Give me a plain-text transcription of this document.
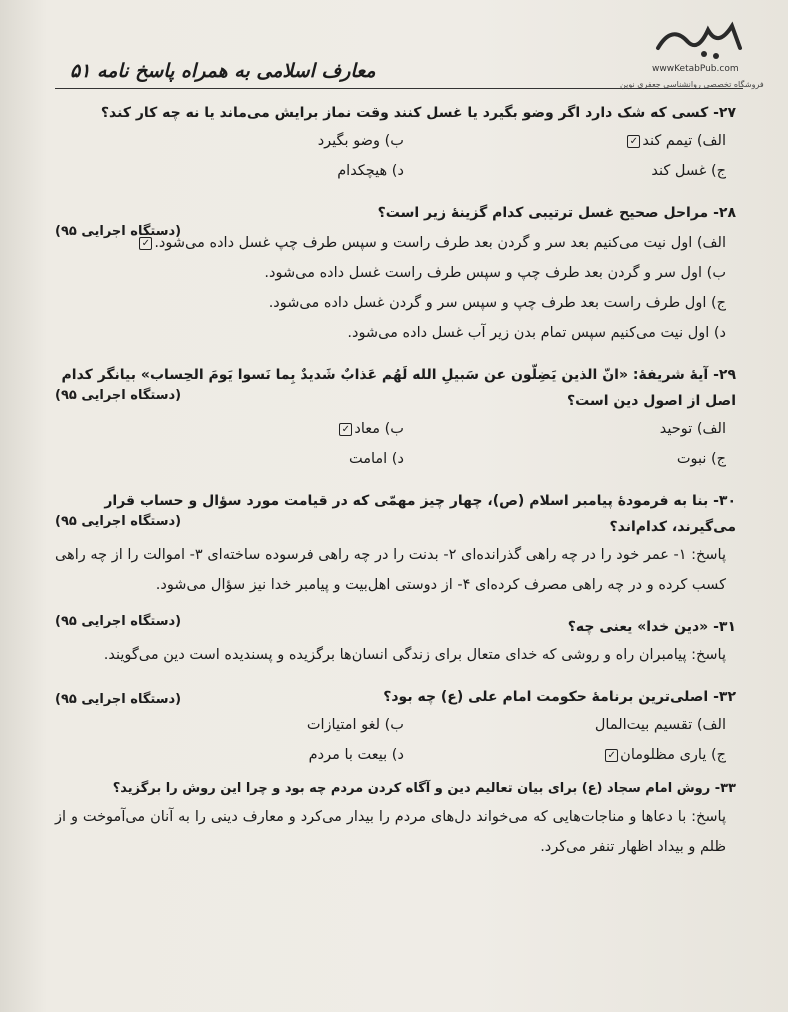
wwwKetabPub.com
فروشگاه تخصصی روانشناسی جعفری نوین
معارف اسلامی به همراه پاسخ نامه ۵۱

۲۷- کسی که شک دارد اگر وضو بگیرد یا غسل کنند وقت نماز برایش می‌ماند یا نه چه کار کند؟

الف) تیمم کند✓
ب) وضو بگیرد
ج) غسل کند
د) هیچکدام

۲۸- مراحل صحیح غسل ترتیبی کدام گزینهٔ زیر است؟

(دستگاه اجرایی ۹۵)
الف) اول نیت می‌کنیم بعد سر و گردن بعد طرف راست و سپس طرف چپ غسل داده می‌شود.✓
ب) اول سر و گردن بعد طرف چپ و سپس طرف راست غسل داده می‌شود.
ج) اول طرف راست بعد طرف چپ و سپس سر و گردن غسل داده می‌شود.
د) اول نیت می‌کنیم سپس تمام بدن زیر آب غسل داده می‌شود.

۲۹- آیهٔ شریفهٔ: «انّ الذین یَضِلّون عن سَبیلِ الله لَهُم عَذابٌ شَدیدٌ بِما نَسوا یَومَ الحِساب» بیانگر کدام اصل از اصول دین است؟

(دستگاه اجرایی ۹۵)
الف) توحید
ب) معاد✓
ج) نبوت
د) امامت

۳۰- بنا به فرمودهٔ پیامبر اسلام (ص)، چهار چیز مهمّی که در قیامت مورد سؤال و حساب قرار می‌گیرند، کدام‌اند؟

(دستگاه اجرایی ۹۵)
پاسخ: ۱- عمر خود را در چه راهی گذرانده‌ای ۲- بدنت را در چه راهی فرسوده ساخته‌ای ۳- اموالت را از چه راهی کسب کرده و در چه راهی مصرف کرده‌ای ۴- از دوستی اهل‌بیت و پیامبر خدا نیز سؤال می‌شود.

۳۱- «دین خدا» یعنی چه؟

(دستگاه اجرایی ۹۵)
پاسخ: پیامبران راه و روشی که خدای متعال برای زندگی انسان‌ها برگزیده و پسندیده است دین می‌گویند.

۳۲- اصلی‌ترین برنامهٔ حکومت امام علی (ع) چه بود؟

(دستگاه اجرایی ۹۵)
الف) تقسیم بیت‌المال
ب) لغو امتیازات
ج) یاری مظلومان✓
د) بیعت با مردم

۳۳- روش امام سجاد (ع) برای بیان تعالیم دین و آگاه کردن مردم چه بود و چرا این روش را برگزید؟

پاسخ: با دعاها و مناجات‌هایی که می‌خواند دل‌های مردم را بیدار می‌کرد و معارف دینی را به آنان می‌آموخت و از ظلم و بیداد اظهار تنفر می‌کرد.
